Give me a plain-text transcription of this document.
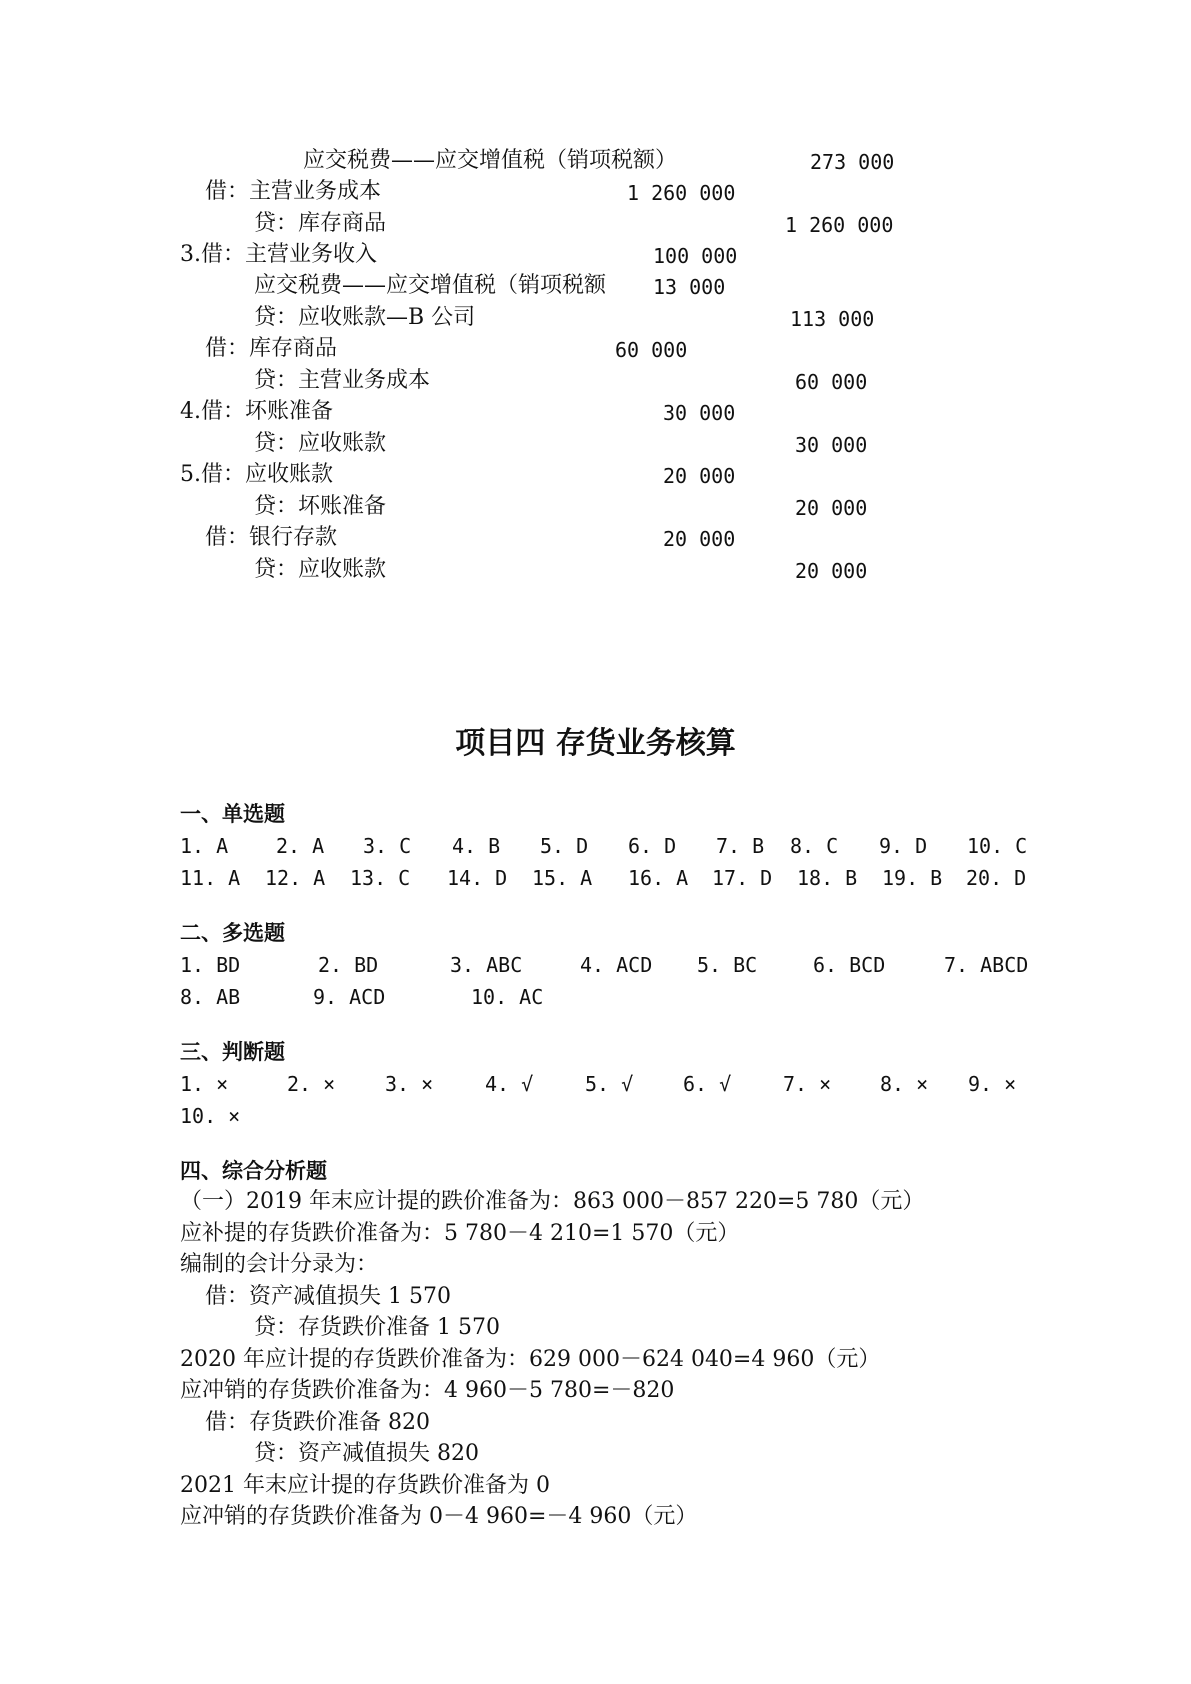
应交税费——应交增值税（销项税额）	273 000
借：主营业务成本	1 260 000
贷：库存商品	1 260 000
3.借：主营业务收入	100 000
应交税费——应交增值税（销项税额 13 000
贷：应收账款—B 公司	113 000
借：库存商品	60 000
贷：主营业务成本	60 000
4.借：坏账准备	30 000
贷：应收账款	30 000
5.借：应收账款	20 000
贷：坏账准备	20 000
借：银行存款	20 000
贷：应收账款	20 000
项目四 存货业务核算
一、单选题
1. A 2. A 3. C 4. B 5. D 6. D 7. B 8. C 9. D 10. C
11. A 12. A 13. C 14. D 15. A 16. A 17. D 18. B 19. B 20. D
二、多选题
1. BD	2. BD	3. ABC	4. ACD 5. BC	6. BCD	7. ABCD
8. AB	9. ACD	10. AC
三、判断题
1. ×	2. × 3. ×	4. √	5. √ 6. √	7. × 8. × 9. ×
10. ×
四、综合分析题
（一）2019 年末应计提的跌价准备为：863 000－857 220=5 780（元）
应补提的存货跌价准备为：5 780－4 210=1 570（元）
编制的会计分录为：
借：资产减值损失 1 570
贷：存货跌价准备 1 570
2020 年应计提的存货跌价准备为：629 000－624 040=4 960（元）
应冲销的存货跌价准备为：4 960－5 780=－820
借：存货跌价准备 820
贷：资产减值损失 820
2021 年末应计提的存货跌价准备为 0
应冲销的存货跌价准备为 0－4 960=－4 960（元）
